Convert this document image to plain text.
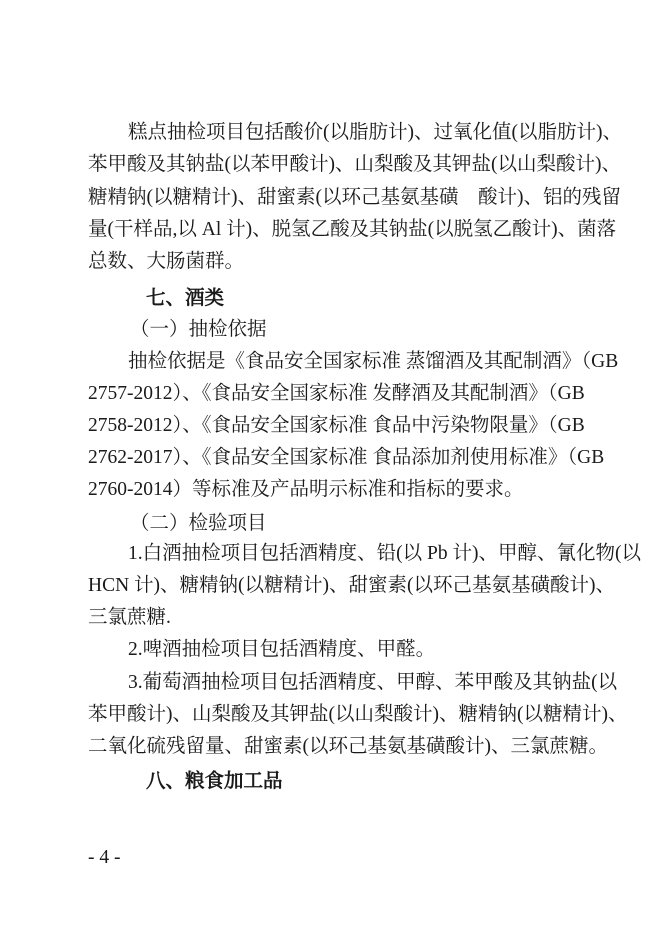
糕点抽检项目包括酸价(以脂肪计)、过氧化值(以脂肪计)、
苯甲酸及其钠盐(以苯甲酸计)、山梨酸及其钾盐(以山梨酸计)、
糖精钠(以糖精计)、甜蜜素(以环己基氨基磺　酸计)、铝的残留
量(干样品,以 Al 计)、脱氢乙酸及其钠盐(以脱氢乙酸计)、菌落
总数、大肠菌群。
七、酒类
（一）抽检依据
抽检依据是《食品安全国家标准 蒸馏酒及其配制酒》（GB
2757-2012）、《食品安全国家标准 发酵酒及其配制酒》（GB
2758-2012）、《食品安全国家标准 食品中污染物限量》（GB
2762-2017）、《食品安全国家标准 食品添加剂使用标准》（GB
2760-2014）等标准及产品明示标准和指标的要求。
（二）检验项目
1.白酒抽检项目包括酒精度、铅(以 Pb 计)、甲醇、氰化物(以
HCN 计)、糖精钠(以糖精计)、甜蜜素(以环己基氨基磺酸计)、
三氯蔗糖.
2.啤酒抽检项目包括酒精度、甲醛。
3.葡萄酒抽检项目包括酒精度、甲醇、苯甲酸及其钠盐(以
苯甲酸计)、山梨酸及其钾盐(以山梨酸计)、糖精钠(以糖精计)、
二氧化硫残留量、甜蜜素(以环己基氨基磺酸计)、三氯蔗糖。
八、粮食加工品
- 4 -
